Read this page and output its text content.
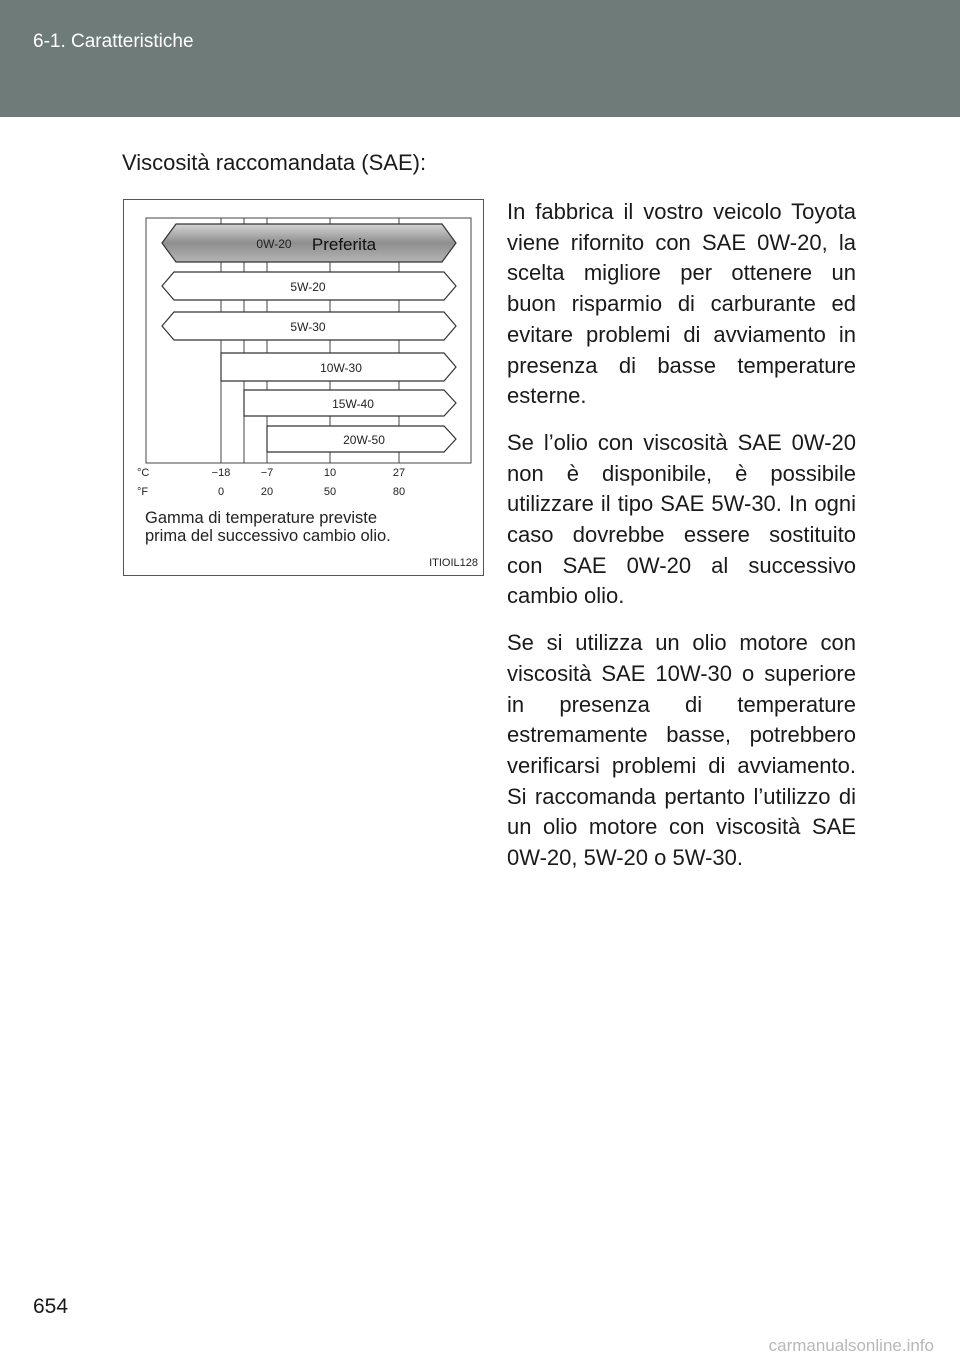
6-1. Caratteristiche
Viscosità raccomandata (SAE):
0W-20 Preferita
5W-20
5W-30
10W-30
15W-40
20W-50
°C	−18	−7	10	27
°F	0	20	50	80
Gamma di temperature previste
prima del successivo cambio olio.
ITIOIL128

In fabbrica il vostro veicolo Toyota viene rifornito con SAE 0W-20, la scelta migliore per ottenere un buon risparmio di carburante ed evitare problemi di avviamento in presenza di basse temperature esterne.

Se l’olio con viscosità SAE 0W-20 non è disponibile, è possibile utilizzare il tipo SAE 5W-30. In ogni caso dovrebbe essere sostituito con SAE 0W-20 al successivo cambio olio.

Se si utilizza un olio motore con viscosità SAE 10W-30 o superiore in presenza di temperature estremamente basse, potrebbero verificarsi problemi di avviamento. Si raccomanda pertanto l’utilizzo di un olio motore con viscosità SAE 0W-20, 5W-20 o 5W-30.

654
carmanualsonline.info
